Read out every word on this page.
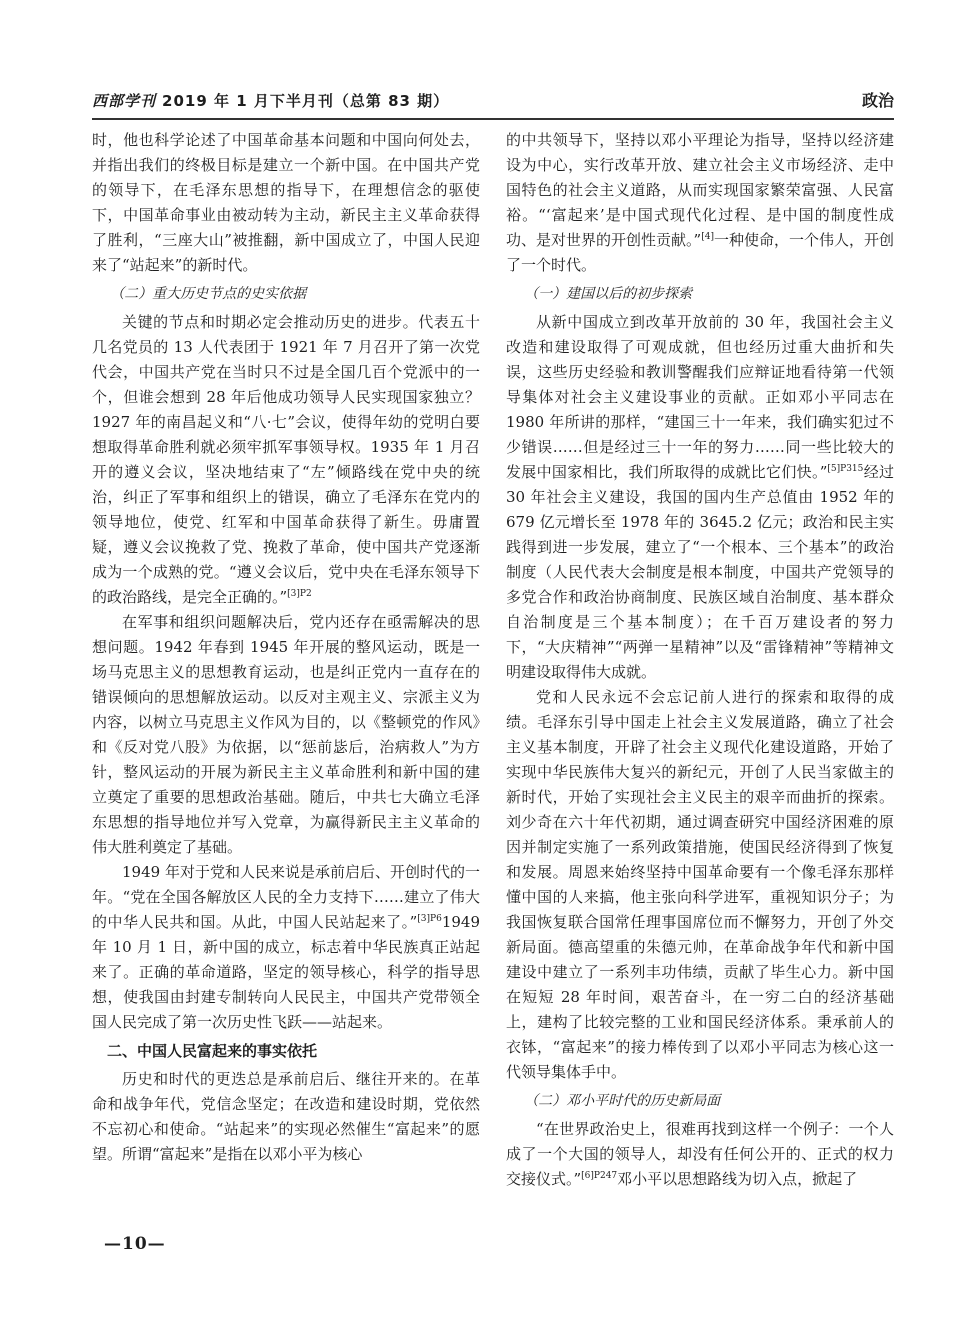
西部学刊 2019 年 1 月下半月刊（总第 83 期）	政治

时，他也科学论述了中国革命基本问题和中国向何处去，并指出我们的终极目标是建立一个新中国。在中国共产党的领导下，在毛泽东思想的指导下，在理想信念的驱使下，中国革命事业由被动转为主动，新民主主义革命获得了胜利，“三座大山”被推翻，新中国成立了，中国人民迎来了“站起来”的新时代。

（二）重大历史节点的史实依据

关键的节点和时期必定会推动历史的进步。代表五十几名党员的 13 人代表团于 1921 年 7 月召开了第一次党代会，中国共产党在当时只不过是全国几百个党派中的一个，但谁会想到 28 年后他成功领导人民实现国家独立？ 1927 年的南昌起义和“八·七”会议，使得年幼的党明白要想取得革命胜利就必须牢抓军事领导权。1935 年 1 月召开的遵义会议，坚决地结束了“左”倾路线在党中央的统治，纠正了军事和组织上的错误，确立了毛泽东在党内的领导地位，使党、红军和中国革命获得了新生。毋庸置疑，遵义会议挽救了党、挽救了革命，使中国共产党逐渐成为一个成熟的党。“遵义会议后，党中央在毛泽东领导下的政治路线，是完全正确的。”$^{[3]P2}$

在军事和组织问题解决后，党内还存在亟需解决的思想问题。1942 年春到 1945 年开展的整风运动，既是一场马克思主义的思想教育运动，也是纠正党内一直存在的错误倾向的思想解放运动。以反对主观主义、宗派主义为内容，以树立马克思主义作风为目的，以《整顿党的作风》和《反对党八股》为依据，以“惩前毖后，治病救人”为方针，整风运动的开展为新民主主义革命胜利和新中国的建立奠定了重要的思想政治基础。随后，中共七大确立毛泽东思想的指导地位并写入党章，为赢得新民主主义革命的伟大胜利奠定了基础。

1949 年对于党和人民来说是承前启后、开创时代的一年。“党在全国各解放区人民的全力支持下……建立了伟大的中华人民共和国。从此，中国人民站起来了。”$^{[3]P6}$1949 年 10 月 1 日，新中国的成立，标志着中华民族真正站起来了。正确的革命道路，坚定的领导核心，科学的指导思想，使我国由封建专制转向人民民主，中国共产党带领全国人民完成了第一次历史性飞跃——站起来。

二、中国人民富起来的事实依托

历史和时代的更迭总是承前启后、继往开来的。在革命和战争年代，党信念坚定；在改造和建设时期，党依然不忘初心和使命。“站起来”的实现必然催生“富起来”的愿望。所谓“富起来”是指在以邓小平为核心

的中共领导下，坚持以邓小平理论为指导，坚持以经济建设为中心，实行改革开放、建立社会主义市场经济、走中国特色的社会主义道路，从而实现国家繁荣富强、人民富裕。“‘富起来’是中国式现代化过程、是中国的制度性成功、是对世界的开创性贡献。”[4]一种使命，一个伟人，开创了一个时代。

（一）建国以后的初步探索

从新中国成立到改革开放前的 30 年，我国社会主义改造和建设取得了可观成就，但也经历过重大曲折和失误，这些历史经验和教训警醒我们应辩证地看待第一代领导集体对社会主义建设事业的贡献。正如邓小平同志在 1980 年所讲的那样，“建国三十一年来，我们确实犯过不少错误……但是经过三十一年的努力……同一些比较大的发展中国家相比，我们所取得的成就比它们快。”$^{[5]P315}$经过 30 年社会主义建设，我国的国内生产总值由 1952 年的 679 亿元增长至 1978 年的 3645.2 亿元；政治和民主实践得到进一步发展，建立了“一个根本、三个基本”的政治制度（人民代表大会制度是根本制度，中国共产党领导的多党合作和政治协商制度、民族区域自治制度、基本群众自治制度是三个基本制度）；在千百万建设者的努力下，“大庆精神”“两弹一星精神”以及“雷锋精神”等精神文明建设取得伟大成就。

党和人民永远不会忘记前人进行的探索和取得的成绩。毛泽东引导中国走上社会主义发展道路，确立了社会主义基本制度，开辟了社会主义现代化建设道路，开始了实现中华民族伟大复兴的新纪元，开创了人民当家做主的新时代，开始了实现社会主义民主的艰辛而曲折的探索。刘少奇在六十年代初期，通过调查研究中国经济困难的原因并制定实施了一系列政策措施，使国民经济得到了恢复和发展。周恩来始终坚持中国革命要有一个像毛泽东那样懂中国的人来搞，他主张向科学进军，重视知识分子；为我国恢复联合国常任理事国席位而不懈努力，开创了外交新局面。德高望重的朱德元帅，在革命战争年代和新中国建设中建立了一系列丰功伟绩，贡献了毕生心力。新中国在短短 28 年时间，艰苦奋斗，在一穷二白的经济基础上，建构了比较完整的工业和国民经济体系。秉承前人的衣钵，“富起来”的接力棒传到了以邓小平同志为核心这一代领导集体手中。

（二）邓小平时代的历史新局面

“在世界政治史上，很难再找到这样一个例子：一个人成了一个大国的领导人，却没有任何公开的、正式的权力交接仪式。”$^{[6]P247}$邓小平以思想路线为切入点，掀起了

—10—
